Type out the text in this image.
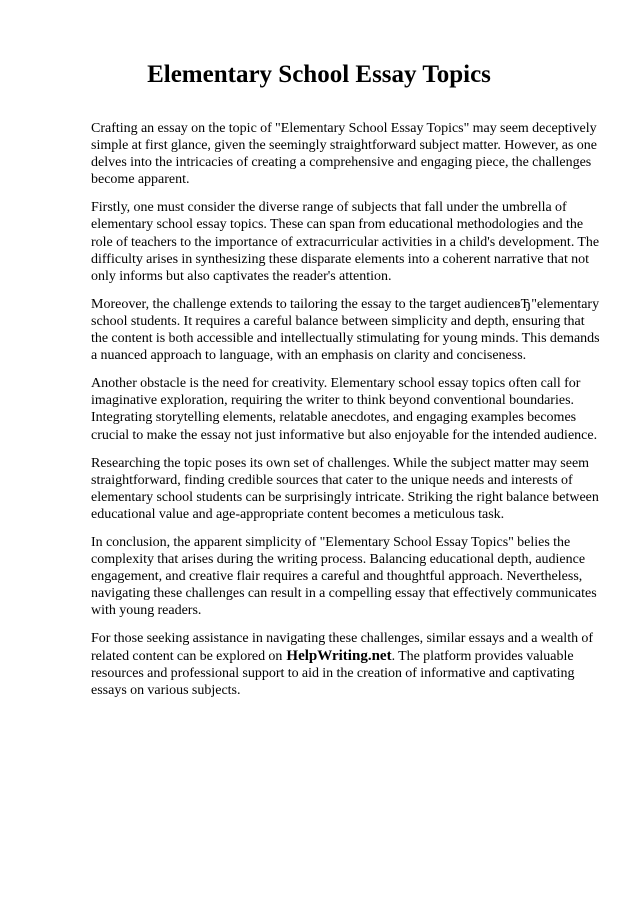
Elementary School Essay Topics

Crafting an essay on the topic of "Elementary School Essay Topics" may seem deceptively simple at first glance, given the seemingly straightforward subject matter. However, as one delves into the intricacies of creating a comprehensive and engaging piece, the challenges become apparent.

Firstly, one must consider the diverse range of subjects that fall under the umbrella of elementary school essay topics. These can span from educational methodologies and the role of teachers to the importance of extracurricular activities in a child's development. The difficulty arises in synthesizing these disparate elements into a coherent narrative that not only informs but also captivates the reader's attention.

Moreover, the challenge extends to tailoring the essay to the target audienceвЂ"elementary school students. It requires a careful balance between simplicity and depth, ensuring that the content is both accessible and intellectually stimulating for young minds. This demands a nuanced approach to language, with an emphasis on clarity and conciseness.

Another obstacle is the need for creativity. Elementary school essay topics often call for imaginative exploration, requiring the writer to think beyond conventional boundaries. Integrating storytelling elements, relatable anecdotes, and engaging examples becomes crucial to make the essay not just informative but also enjoyable for the intended audience.

Researching the topic poses its own set of challenges. While the subject matter may seem straightforward, finding credible sources that cater to the unique needs and interests of elementary school students can be surprisingly intricate. Striking the right balance between educational value and age-appropriate content becomes a meticulous task.

In conclusion, the apparent simplicity of "Elementary School Essay Topics" belies the complexity that arises during the writing process. Balancing educational depth, audience engagement, and creative flair requires a careful and thoughtful approach. Nevertheless, navigating these challenges can result in a compelling essay that effectively communicates with young readers.

For those seeking assistance in navigating these challenges, similar essays and a wealth of related content can be explored on HelpWriting.net. The platform provides valuable resources and professional support to aid in the creation of informative and captivating essays on various subjects.
